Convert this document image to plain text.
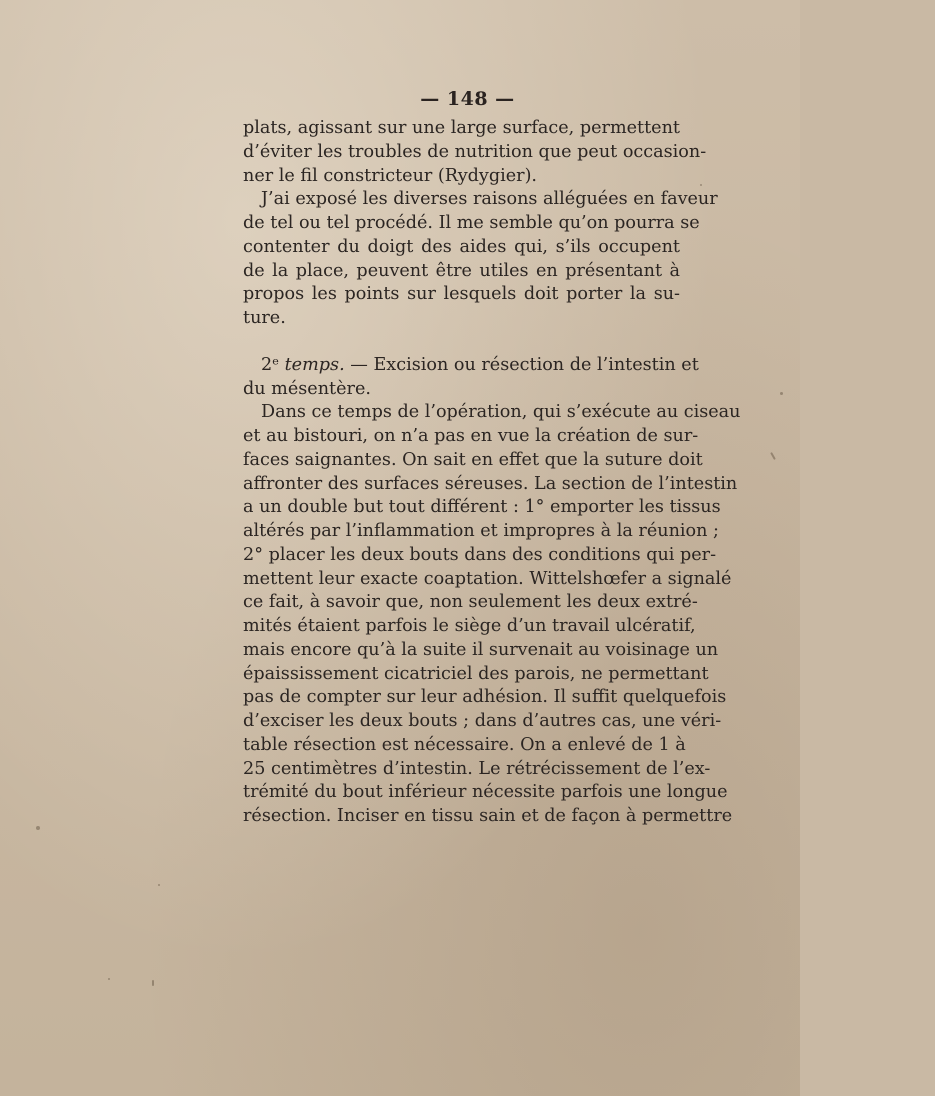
— 148 —
plats, agissant sur une large surface, permettent
d’éviter les troubles de nutrition que peut occasion-
ner le fil constricteur (Rydygier).
J’ai exposé les diverses raisons alléguées en faveur
de tel ou tel procédé. Il me semble qu’on pourra se
contenter du doigt des aides qui, s’ils occupent
de la place, peuvent être utiles en présentant à
propos les points sur lesquels doit porter la su-
ture.
2ᵉ temps. — Excision ou résection de l’intestin et
du mésentère.
Dans ce temps de l’opération, qui s’exécute au ciseau
et au bistouri, on n’a pas en vue la création de sur-
faces saignantes. On sait en effet que la suture doit
affronter des surfaces séreuses. La section de l’intestin
a un double but tout différent : 1° emporter les tissus
altérés par l’inflammation et impropres à la réunion ;
2° placer les deux bouts dans des conditions qui per-
mettent leur exacte coaptation. Wittelshœfer a signalé
ce fait, à savoir que, non seulement les deux extré-
mités étaient parfois le siège d’un travail ulcératif,
mais encore qu’à la suite il survenait au voisinage un
épaississement cicatriciel des parois, ne permettant
pas de compter sur leur adhésion. Il suffit quelquefois
d’exciser les deux bouts ; dans d’autres cas, une véri-
table résection est nécessaire. On a enlevé de 1 à
25 centimètres d’intestin. Le rétrécissement de l’ex-
trémité du bout inférieur nécessite parfois une longue
résection. Inciser en tissu sain et de façon à permettre
